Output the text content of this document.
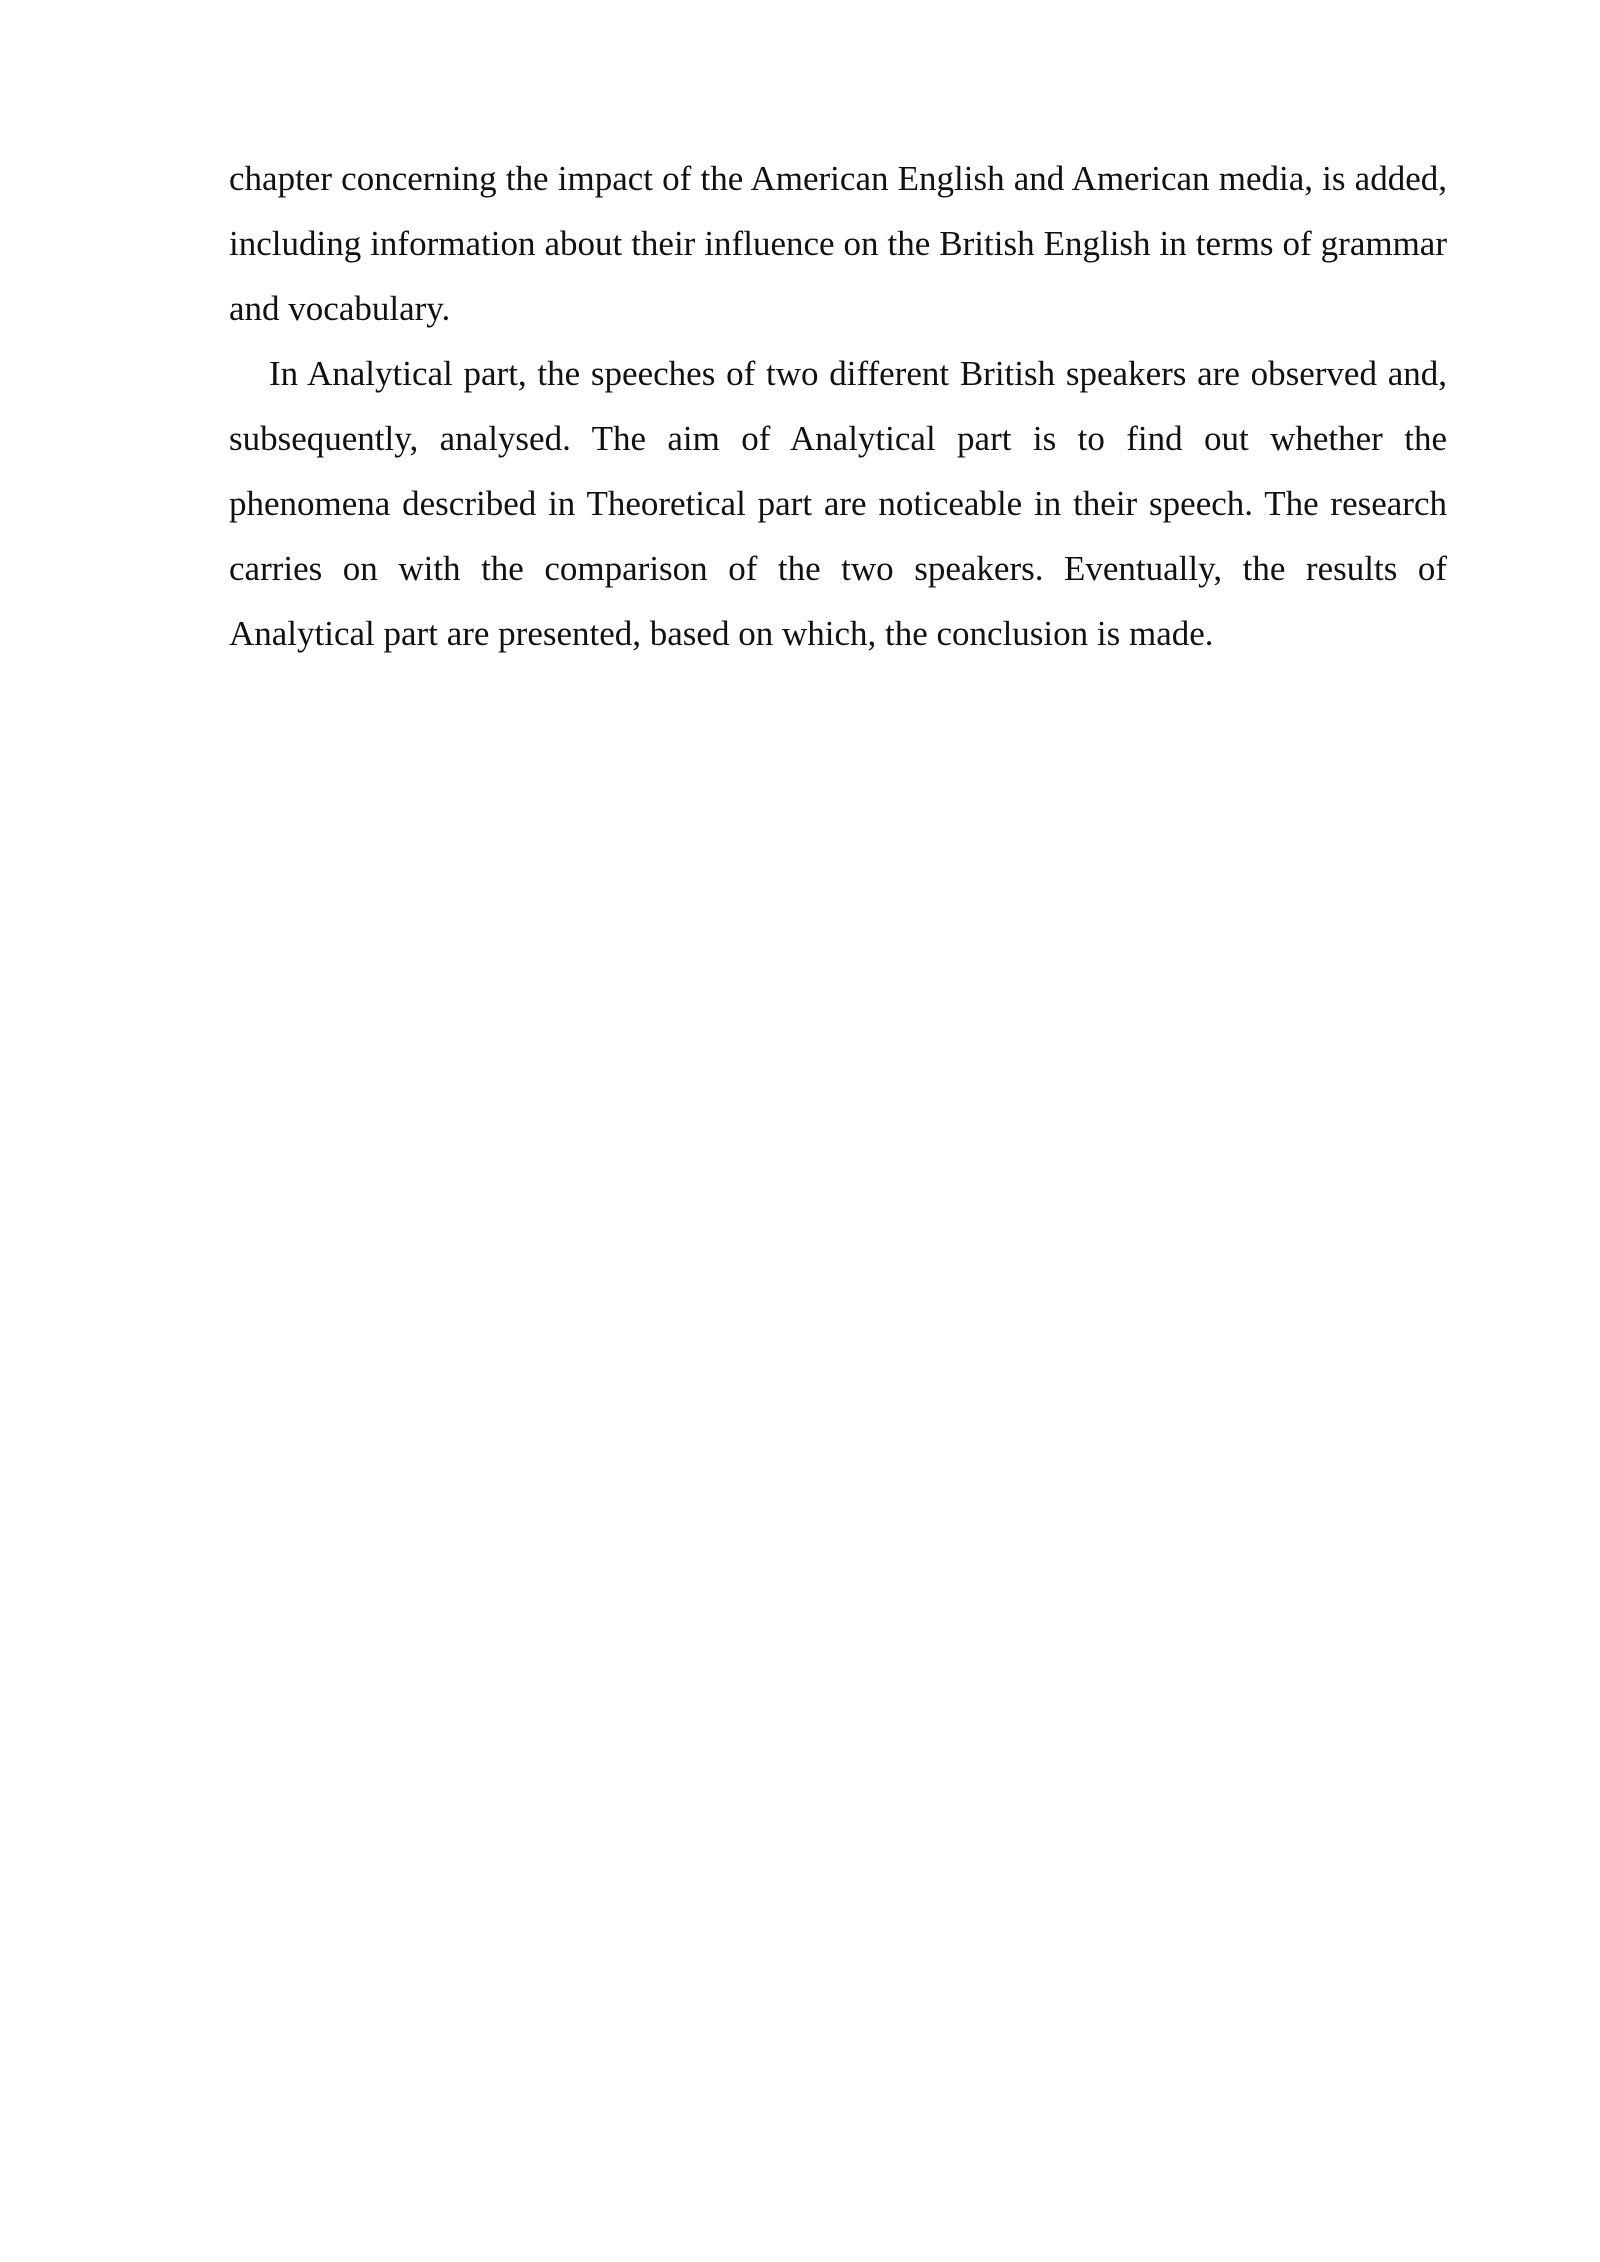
chapter concerning the impact of the American English and American media, is added, including information about their influence on the British English in terms of grammar and vocabulary.

In Analytical part, the speeches of two different British speakers are observed and, subsequently, analysed. The aim of Analytical part is to find out whether the phenomena described in Theoretical part are noticeable in their speech. The research carries on with the comparison of the two speakers. Eventually, the results of Analytical part are presented, based on which, the conclusion is made.
